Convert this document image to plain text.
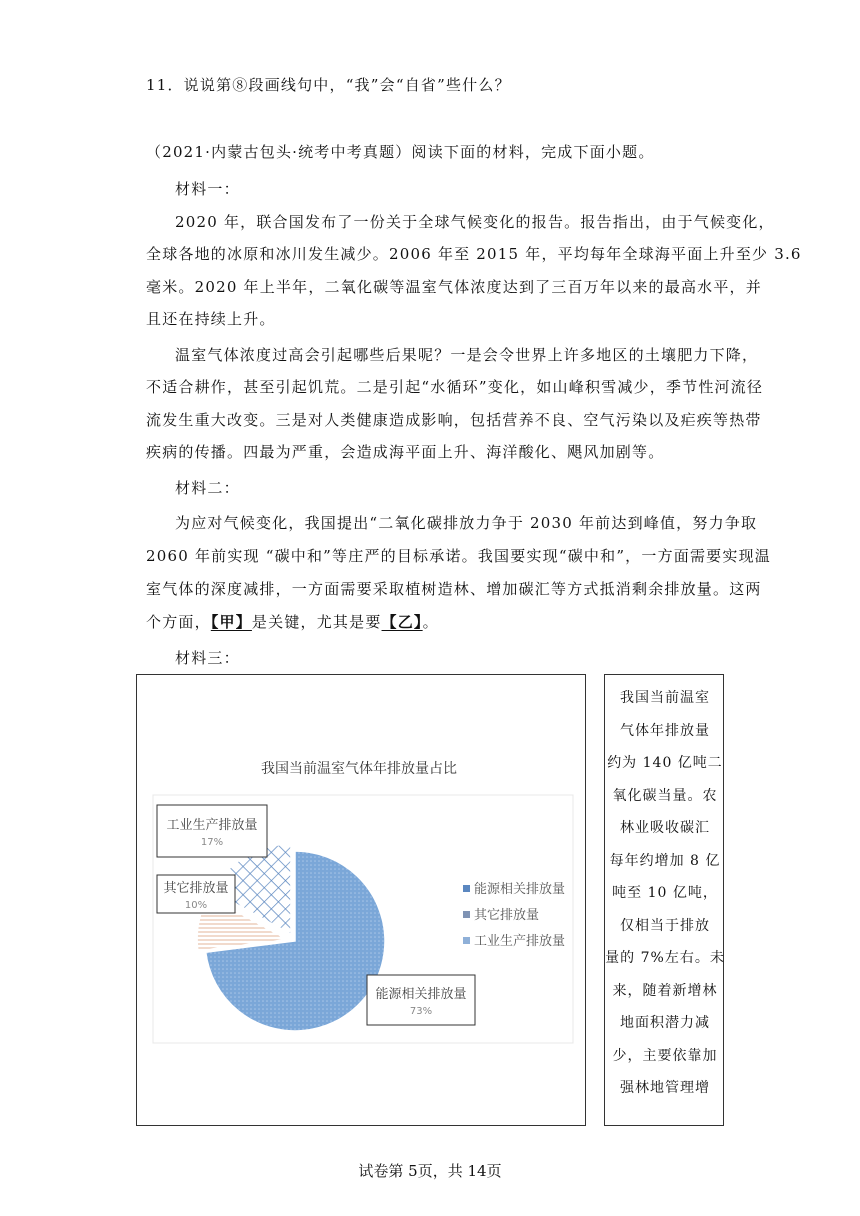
11．说说第⑧段画线句中，“我”会“自省”些什么？
（2021·内蒙古包头·统考中考真题）阅读下面的材料，完成下面小题。
材料一：
2020 年，联合国发布了一份关于全球气候变化的报告。报告指出，由于气候变化，
全球各地的冰原和冰川发生减少。2006 年至 2015 年，平均每年全球海平面上升至少 3.6
毫米。2020 年上半年，二氧化碳等温室气体浓度达到了三百万年以来的最高水平，并
且还在持续上升。
温室气体浓度过高会引起哪些后果呢？一是会令世界上许多地区的土壤肥力下降，
不适合耕作，甚至引起饥荒。二是引起“水循环”变化，如山峰积雪减少，季节性河流径
流发生重大改变。三是对人类健康造成影响，包括营养不良、空气污染以及疟疾等热带
疾病的传播。四最为严重，会造成海平面上升、海洋酸化、飓风加剧等。
材料二：
为应对气候变化，我国提出“二氧化碳排放力争于 2030 年前达到峰值，努力争取
2060 年前实现 “碳中和”等庄严的目标承诺。我国要实现“碳中和”，一方面需要实现温
室气体的深度减排，一方面需要采取植树造林、增加碳汇等方式抵消剩余排放量。这两
个方面，【甲】是关键，尤其是要【乙】。
材料三：
我国当前温室气体年排放量占比
能源相关排放量
73%
其它排放量
10%
工业生产排放量
17%
能源相关排放量
其它排放量
工业生产排放量
我国当前温室
气体年排放量
约为 140 亿吨二
氧化碳当量。农
林业吸收碳汇
每年约增加 8 亿
吨至 10 亿吨，
仅相当于排放
量的 7%左右。未
来，随着新增林
地面积潜力减
少，主要依靠加
强林地管理增
试卷第 5页，共 14页
